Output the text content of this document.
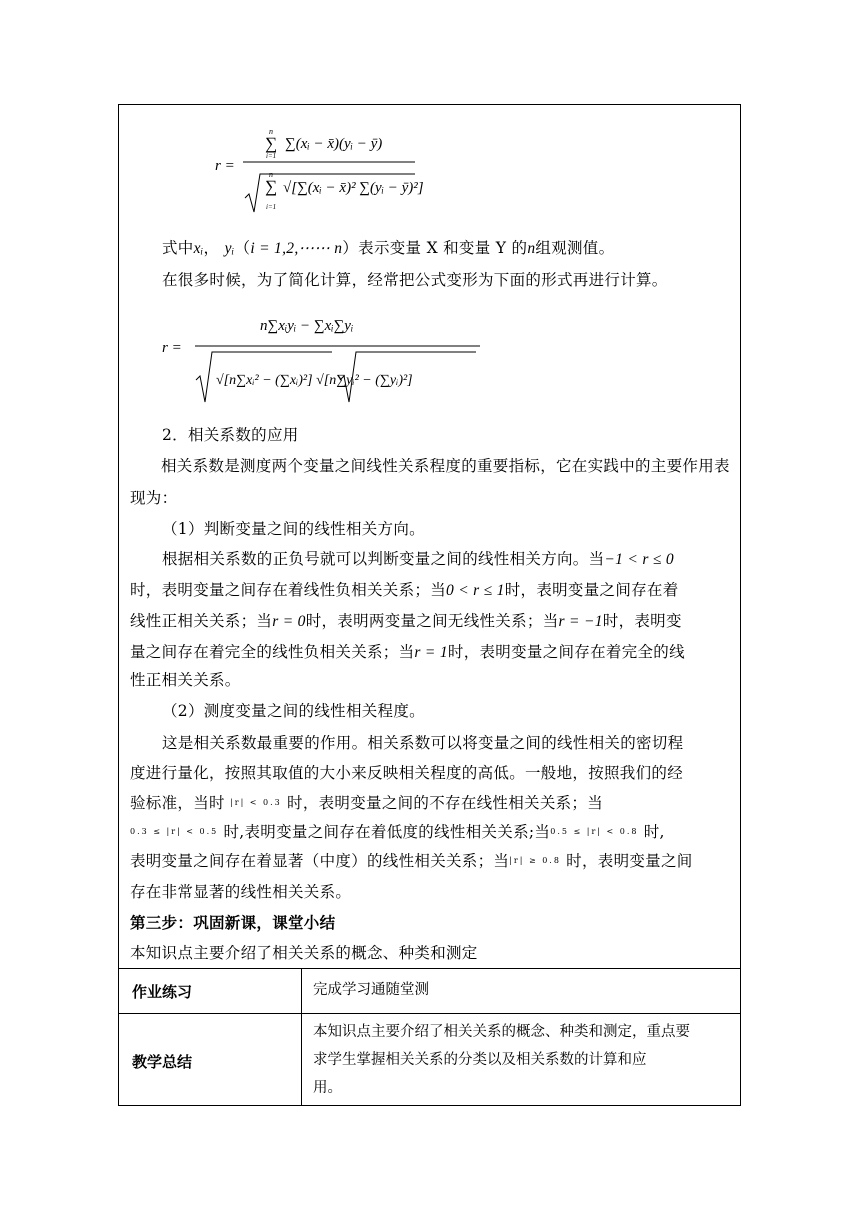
r =
n
i=1
∑ ∑(xᵢ − x̄)(yᵢ − ȳ)
∑
n
i=1
√[∑(xᵢ − x̄)² ∑(yᵢ − ȳ)²]
式中xᵢ， yᵢ（i = 1,2,⋯⋯ n）表示变量 X 和变量 Y 的n组观测值。
在很多时候，为了简化计算，经常把公式变形为下面的形式再进行计算。
r =
n∑xᵢyᵢ − ∑xᵢ∑yᵢ
√[n∑xᵢ² − (∑xᵢ)²] √[n∑yᵢ² − (∑yᵢ)²]
2．相关系数的应用
相关系数是测度两个变量之间线性关系程度的重要指标，它在实践中的主要作用表现为：
（1）判断变量之间的线性相关方向。
根据相关系数的正负号就可以判断变量之间的线性相关方向。当−1 < r ≤ 0
时，表明变量之间存在着线性负相关关系；当0 < r ≤ 1时，表明变量之间存在着
线性正相关关系；当r = 0时，表明两变量之间无线性关系；当r = −1时，表明变
量之间存在着完全的线性负相关关系；当r = 1时，表明变量之间存在着完全的线
性正相关关系。
（2）测度变量之间的线性相关程度。
这是相关系数最重要的作用。相关系数可以将变量之间的线性相关的密切程
度进行量化，按照其取值的大小来反映相关程度的高低。一般地，按照我们的经
验标准，当时 |r| < 0.3 时，表明变量之间的不存在线性相关关系；当
0.3 ≤ |r| < 0.5 时,表明变量之间存在着低度的线性相关关系;当0.5 ≤ |r| < 0.8 时,
表明变量之间存在着显著（中度）的线性相关关系；当|r| ≥ 0.8 时，表明变量之间
存在非常显著的线性相关关系。
第三步：巩固新课，课堂小结
本知识点主要介绍了相关关系的概念、种类和测定
作业练习	完成学习通随堂测
教学总结
本知识点主要介绍了相关关系的概念、种类和测定，重点要
求学生掌握相关关系的分类以及相关系数的计算和应
用。
